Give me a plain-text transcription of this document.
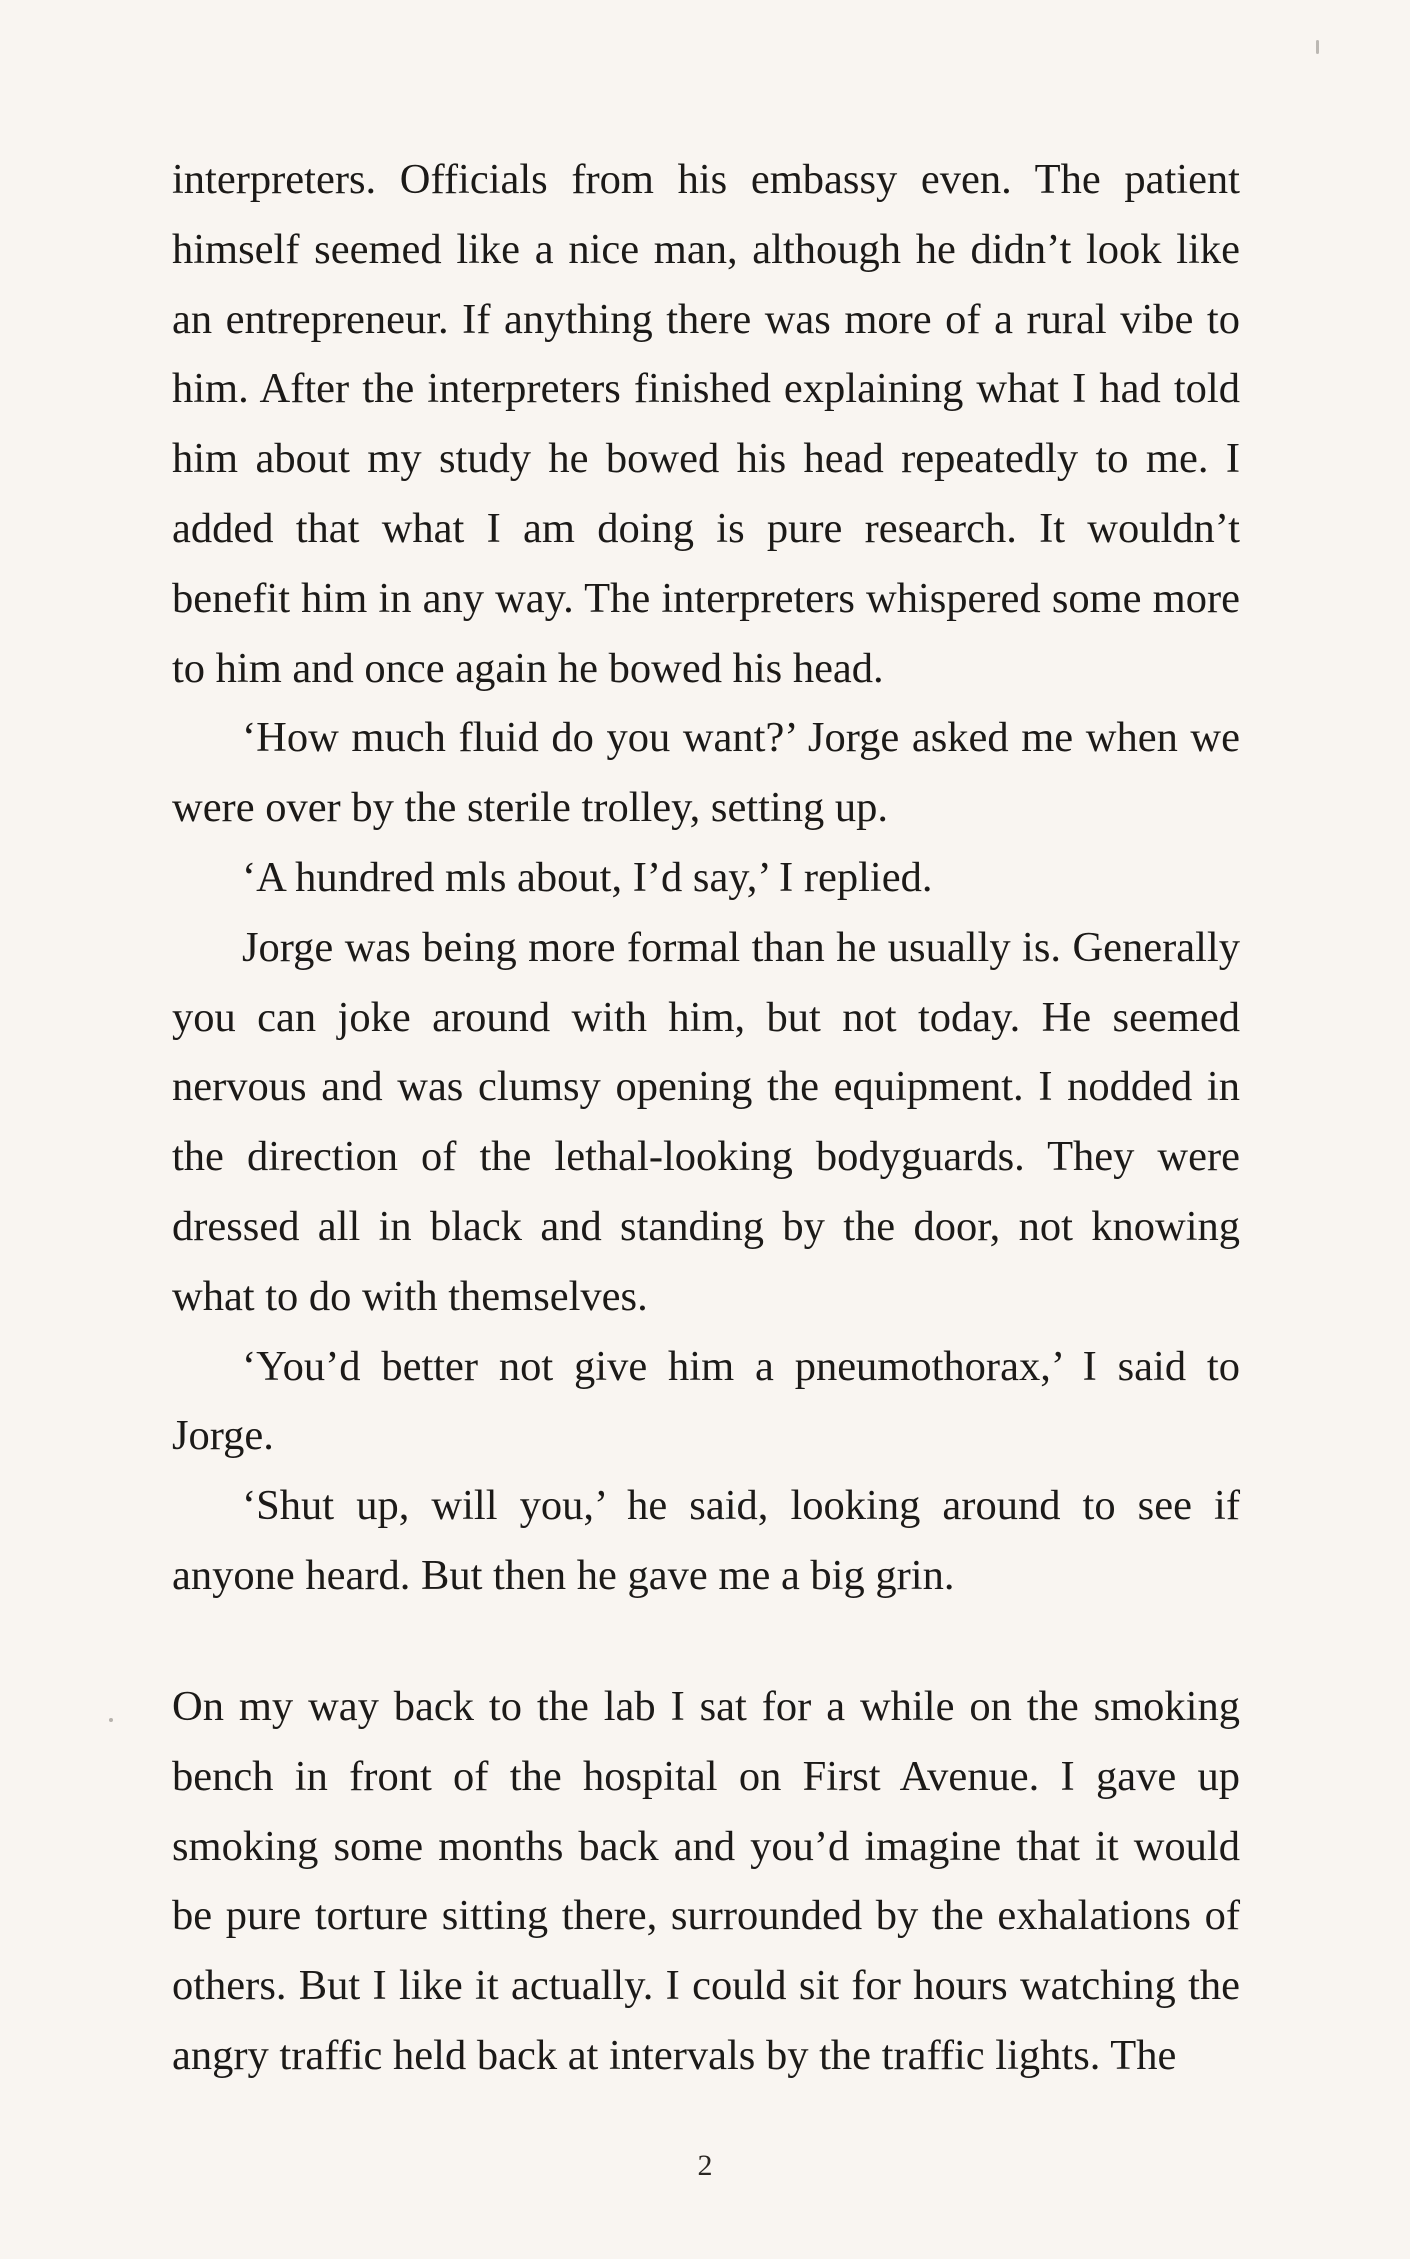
interpreters. Officials from his embassy even. The patient himself seemed like a nice man, although he didn’t look like an entrepreneur. If anything there was more of a rural vibe to him. After the interpreters finished explaining what I had told him about my study he bowed his head repeatedly to me. I added that what I am doing is pure research. It wouldn’t benefit him in any way. The interpreters whispered some more to him and once again he bowed his head.

‘How much fluid do you want?’ Jorge asked me when we were over by the sterile trolley, setting up.

‘A hundred mls about, I’d say,’ I replied.

Jorge was being more formal than he usually is. Generally you can joke around with him, but not today. He seemed nervous and was clumsy opening the equipment. I nodded in the direction of the lethal-looking bodyguards. They were dressed all in black and standing by the door, not knowing what to do with themselves.

‘You’d better not give him a pneumothorax,’ I said to Jorge.

‘Shut up, will you,’ he said, looking around to see if anyone heard. But then he gave me a big grin.

On my way back to the lab I sat for a while on the smoking bench in front of the hospital on First Avenue. I gave up smoking some months back and you’d imagine that it would be pure torture sitting there, surrounded by the exhalations of others. But I like it actually. I could sit for hours watching the angry traffic held back at intervals by the traffic lights. The

2
